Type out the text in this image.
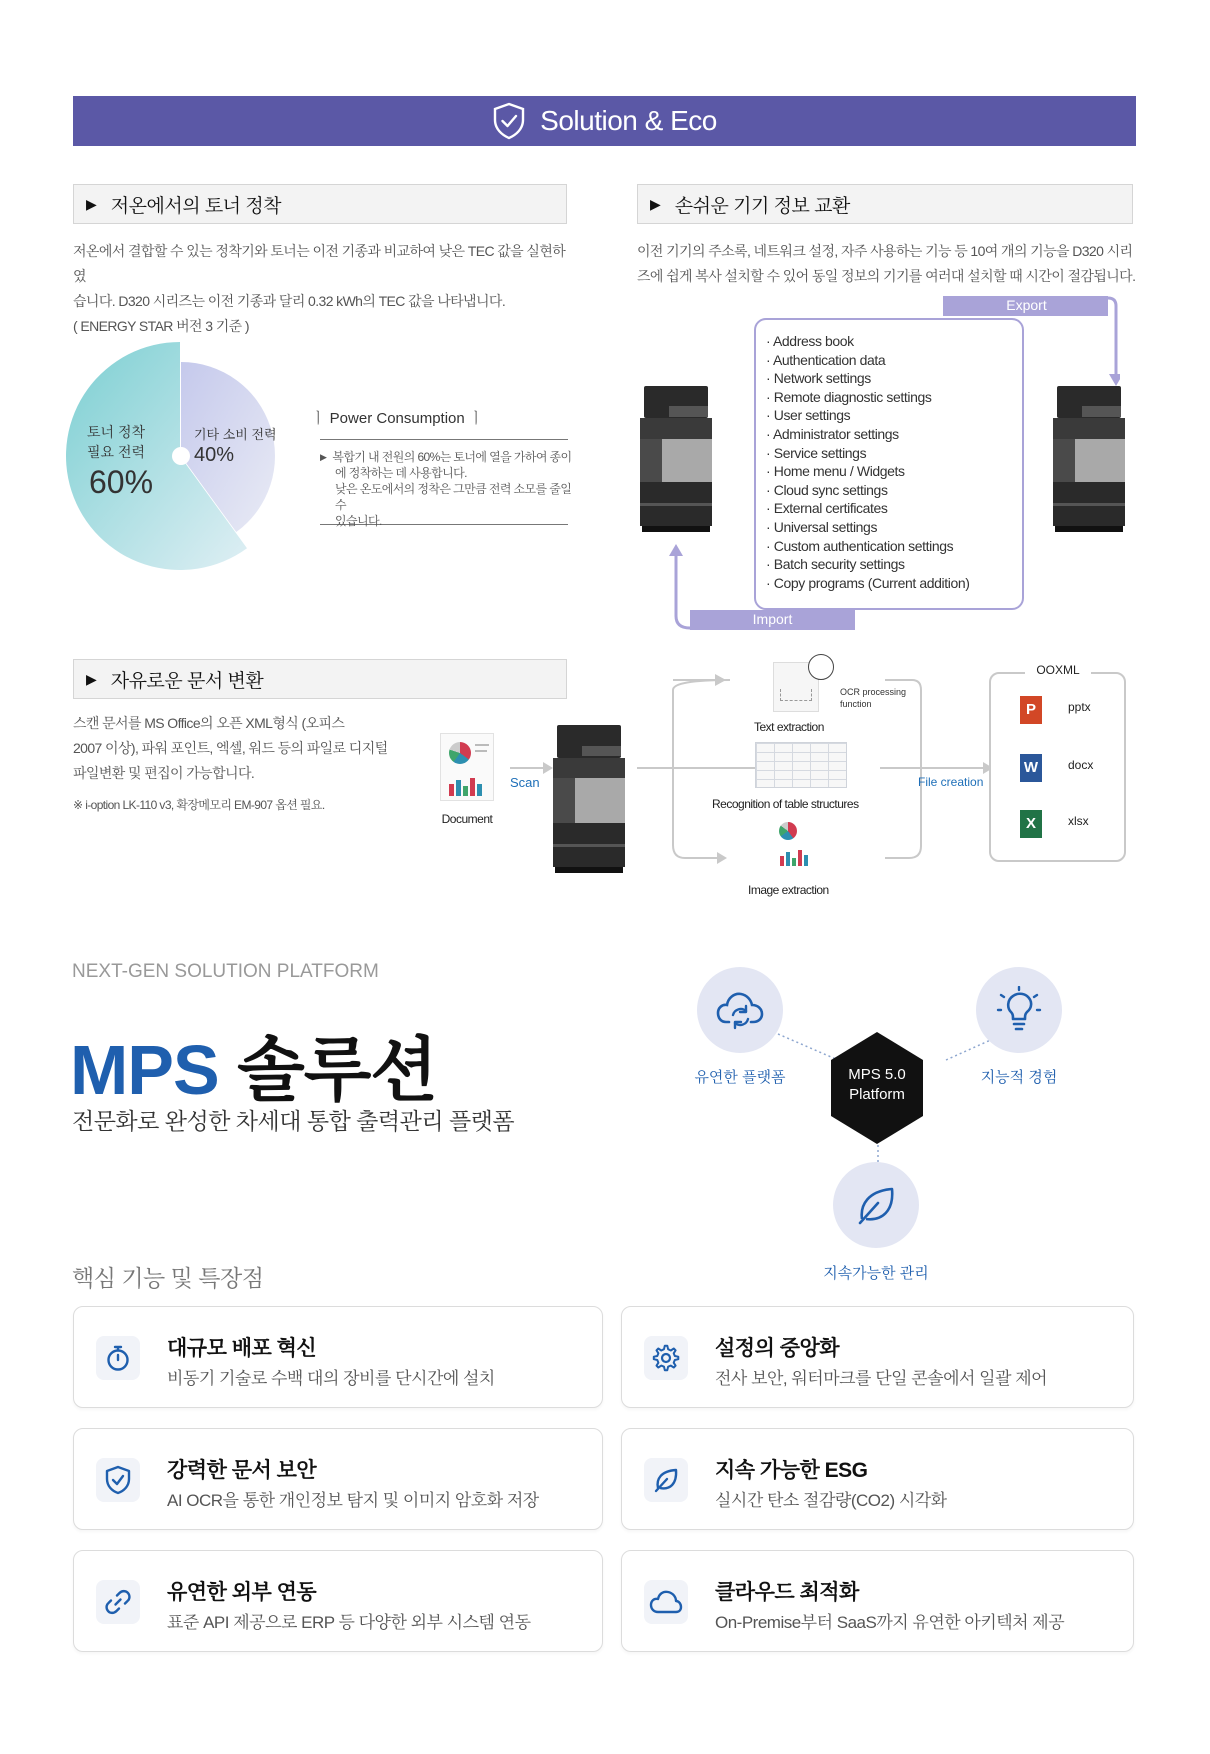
Solution & Eco
▶ 저온에서의 토너 정착
저온에서 결합할 수 있는 정착기와 토너는 이전 기종과 비교하여 낮은 TEC 값을 실현하였
습니다. D320 시리즈는 이전 기종과 달리 0.32 kWh의 TEC 값을 나타냅니다.
( ENERGY STAR 버전 3 기준 )
토너 정착
필요 전력
60%
기타 소비 전력
40%
ㅣ Power Consumption ㅣ
▶ 복합기 내 전원의 60%는 토너에 열을 가하여 종이
에 정착하는 데 사용합니다.
낮은 온도에서의 정착은 그만큼 전력 소모를 줄일 수
있습니다.
▶ 손쉬운 기기 정보 교환
이전 기기의 주소록, 네트워크 설정, 자주 사용하는 기능 등 10여 개의 기능을 D320 시리
즈에 쉽게 복사 설치할 수 있어 동일 정보의 기기를 여러대 설치할 때 시간이 절감됩니다.
Export
Import
· Address book
· Authentication data
· Network settings
· Remote diagnostic settings
· User settings
· Administrator settings
· Service settings
· Home menu / Widgets
· Cloud sync settings
· External certificates
· Universal settings
· Custom authentication settings
· Batch security settings
· Copy programs (Current addition)
▶ 자유로운 문서 변환
스캔 문서를 MS Office의 오픈 XML형식 (오피스
2007 이상), 파워 포인트, 엑셀, 워드 등의 파일로 디지털
파일변환 및 편집이 가능합니다.
※ i-option LK-110 v3, 확장메모리 EM-907 옵션 필요.
Document
Scan
OCR processing
function
Text extraction
Recognition of table structures
Image extraction
File creation
OOXML
P	pptx
W	docx
X	xlsx
NEXT-GEN SOLUTION PLATFORM
MPS 솔루션
전문화로 완성한 차세대 통합 출력관리 플랫폼
MPS 5.0
Platform
유연한 플랫폼	지능적 경험
지속가능한 관리
핵심 기능 및 특장점
대규모 배포 혁신
비동기 기술로 수백 대의 장비를 단시간에 설치
설정의 중앙화
전사 보안, 워터마크를 단일 콘솔에서 일괄 제어
강력한 문서 보안
AI OCR을 통한 개인정보 탐지 및 이미지 암호화 저장
지속 가능한 ESG
실시간 탄소 절감량(CO2) 시각화
유연한 외부 연동
표준 API 제공으로 ERP 등 다양한 외부 시스템 연동
클라우드 최적화
On-Premise부터 SaaS까지 유연한 아키텍처 제공
